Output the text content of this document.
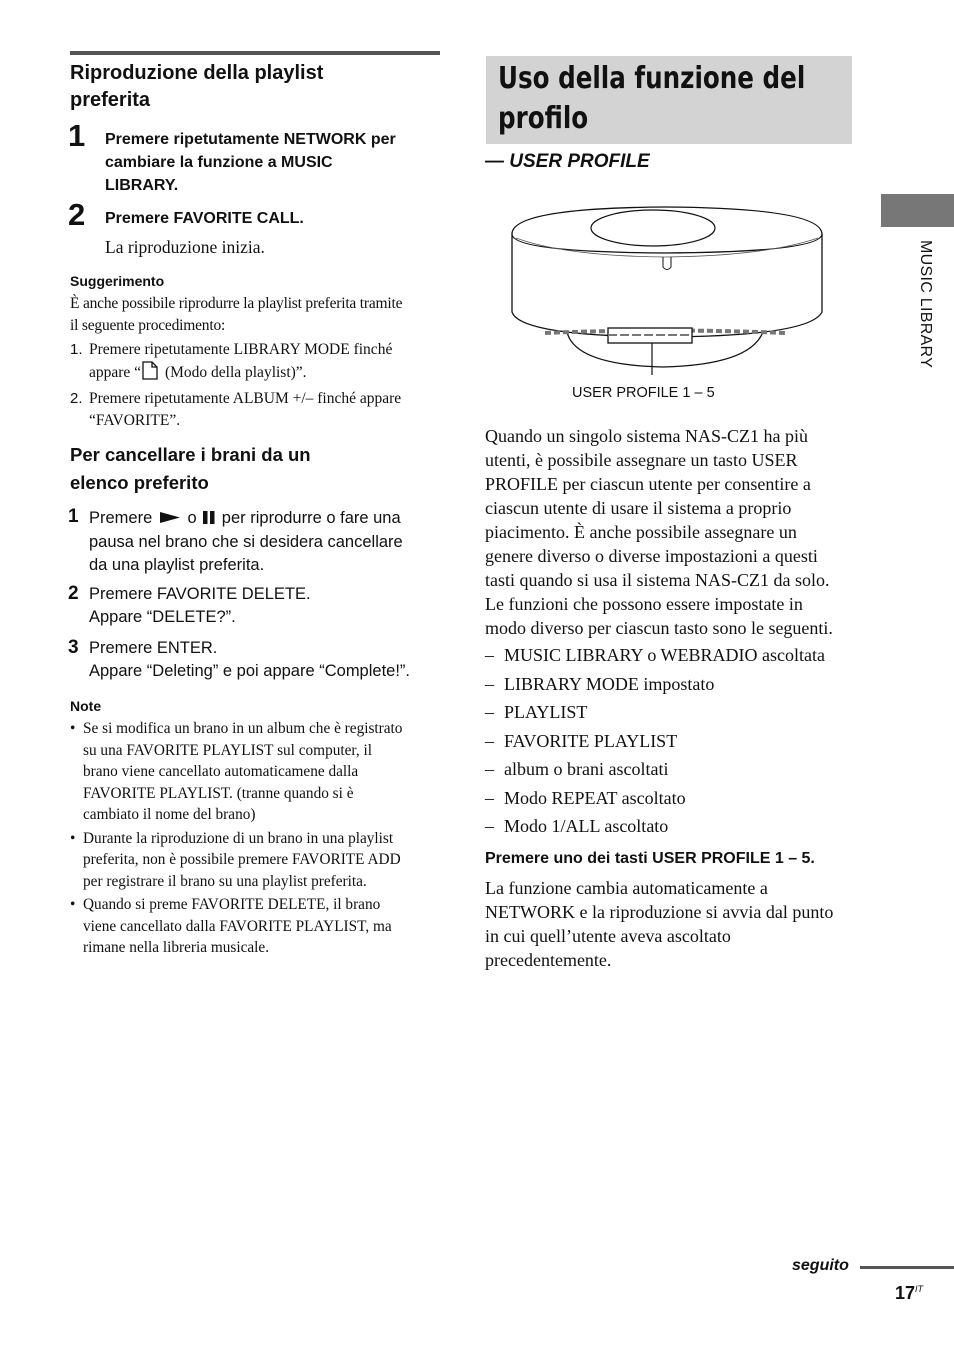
Riproduzione della playlist
preferita
1 Premere ripetutamente NETWORK per
cambiare la funzione a MUSIC
LIBRARY.
2 Premere FAVORITE CALL.
La riproduzione inizia.
Suggerimento
È anche possibile riprodurre la playlist preferita tramite
il seguente procedimento:
1. Premere ripetutamente LIBRARY MODE finché
appare “ (Modo della playlist)”.
2. Premere ripetutamente ALBUM +/– finché appare
“FAVORITE”.
Per cancellare i brani da un
elenco preferito
1 Premere  o  per riprodurre o fare una
pausa nel brano che si desidera cancellare
da una playlist preferita.
2 Premere FAVORITE DELETE.
Appare “DELETE?”.
3 Premere ENTER.
Appare “Deleting” e poi appare “Complete!”.
Note
• Se si modifica un brano in un album che è registrato
su una FAVORITE PLAYLIST sul computer, il
brano viene cancellato automaticamene dalla
FAVORITE PLAYLIST. (tranne quando si è
cambiato il nome del brano)
• Durante la riproduzione di un brano in una playlist
preferita, non è possibile premere FAVORITE ADD
per registrare il brano su una playlist preferita.
• Quando si preme FAVORITE DELETE, il brano
viene cancellato dalla FAVORITE PLAYLIST, ma
rimane nella libreria musicale.
Uso della funzione del
profilo
— USER PROFILE
USER PROFILE 1 – 5
Quando un singolo sistema NAS-CZ1 ha più
utenti, è possibile assegnare un tasto USER
PROFILE per ciascun utente per consentire a
ciascun utente di usare il sistema a proprio
piacimento. È anche possibile assegnare un
genere diverso o diverse impostazioni a questi
tasti quando si usa il sistema NAS-CZ1 da solo.
Le funzioni che possono essere impostate in
modo diverso per ciascun tasto sono le seguenti.
– MUSIC LIBRARY o WEBRADIO ascoltata
– LIBRARY MODE impostato
– PLAYLIST
– FAVORITE PLAYLIST
– album o brani ascoltati
– Modo REPEAT ascoltato
– Modo 1/ALL ascoltato
Premere uno dei tasti USER PROFILE 1 – 5.
La funzione cambia automaticamente a
NETWORK e la riproduzione si avvia dal punto
in cui quell’utente aveva ascoltato
precedentemente.
MUSIC LIBRARY
seguito
$17^{IT}$
